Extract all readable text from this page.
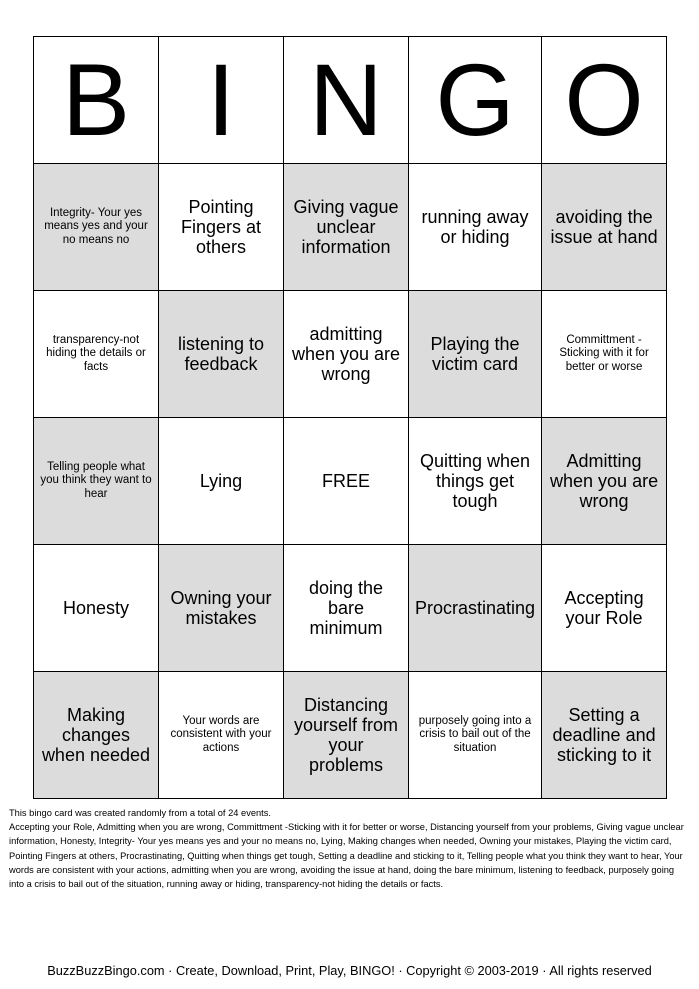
B	I	N	G	O
Integrity- Your yes means yes and your no means no	Pointing Fingers at others	Giving vague unclear information	running away or hiding	avoiding the issue at hand
transparency-not hiding the details or facts	listening to feedback	admitting when you are wrong	Playing the victim card	Committment -Sticking with it for better or worse
Telling people what you think they want to hear	Lying	FREE	Quitting when things get tough	Admitting when you are wrong
Honesty	Owning your mistakes	doing the bare minimum	Procrastinating	Accepting your Role
Making changes when needed	Your words are consistent with your actions	Distancing yourself from your problems	purposely going into a crisis to bail out of the situation	Setting a deadline and sticking to it

This bingo card was created randomly from a total of 24 events.
Accepting your Role, Admitting when you are wrong, Committment -Sticking with it for better or worse, Distancing yourself from your problems, Giving vague unclear information, Honesty, Integrity- Your yes means yes and your no means no, Lying, Making changes when needed, Owning your mistakes, Playing the victim card, Pointing Fingers at others, Procrastinating, Quitting when things get tough, Setting a deadline and sticking to it, Telling people what you think they want to hear, Your words are consistent with your actions, admitting when you are wrong, avoiding the issue at hand, doing the bare minimum, listening to feedback, purposely going into a crisis to bail out of the situation, running away or hiding, transparency-not hiding the details or facts.

BuzzBuzzBingo.com · Create, Download, Print, Play, BINGO! · Copyright © 2003-2019 · All rights reserved
